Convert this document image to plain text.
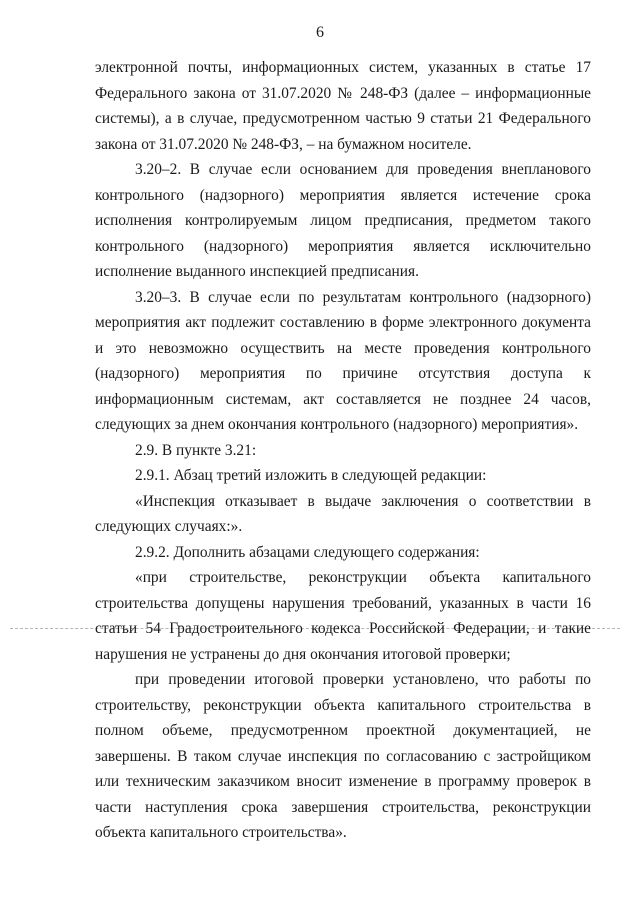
6

электронной почты, информационных систем, указанных в статье 17 Федерального закона от 31.07.2020 № 248-ФЗ (далее – информационные системы), а в случае, предусмотренном частью 9 статьи 21 Федерального закона от 31.07.2020 № 248-ФЗ, – на бумажном носителе.

3.20–2. В случае если основанием для проведения внепланового контрольного (надзорного) мероприятия является истечение срока исполнения контролируемым лицом предписания, предметом такого контрольного (надзорного) мероприятия является исключительно исполнение выданного инспекцией предписания.

3.20–3. В случае если по результатам контрольного (надзорного) мероприятия акт подлежит составлению в форме электронного документа и это невозможно осуществить на месте проведения контрольного (надзорного) мероприятия по причине отсутствия доступа к информационным системам, акт составляется не позднее 24 часов, следующих за днем окончания контрольного (надзорного) мероприятия».

2.9. В пункте 3.21:

2.9.1. Абзац третий изложить в следующей редакции:

«Инспекция отказывает в выдаче заключения о соответствии в следующих случаях:».

2.9.2. Дополнить абзацами следующего содержания:

«при строительстве, реконструкции объекта капитального строительства допущены нарушения требований, указанных в части 16 статьи 54 Градостроительного кодекса Российской Федерации, и такие нарушения не устранены до дня окончания итоговой проверки;

при проведении итоговой проверки установлено, что работы по строительству, реконструкции объекта капитального строительства в полном объеме, предусмотренном проектной документацией, не завершены. В таком случае инспекция по согласованию с застройщиком или техническим заказчиком вносит изменение в программу проверок в части наступления срока завершения строительства, реконструкции объекта капитального строительства».
